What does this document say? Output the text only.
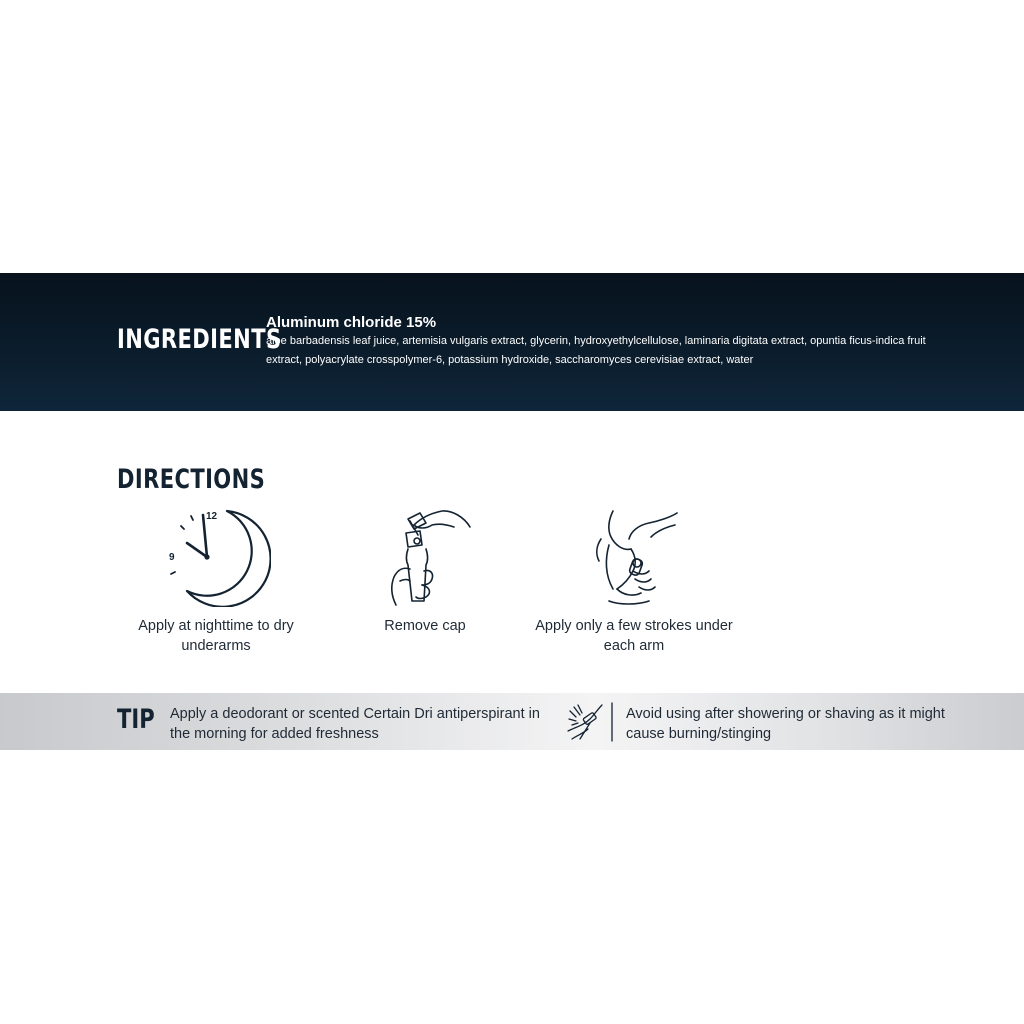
INGREDIENTS

Aluminum chloride 15%

aloe barbadensis leaf juice, artemisia vulgaris extract, glycerin, hydroxyethylcellulose, laminaria digitata extract, opuntia ficus-indica fruit extract, polyacrylate crosspolymer-6, potassium hydroxide, saccharomyces cerevisiae extract, water

DIRECTIONS
12
9
Apply at nighttime to dry underarms
Remove cap	Apply only a few strokes under each arm
TIP Apply a deodorant or scented Certain Dri antiperspirant in the morning for added freshness

Avoid using after showering or shaving as it might cause burning/stinging
